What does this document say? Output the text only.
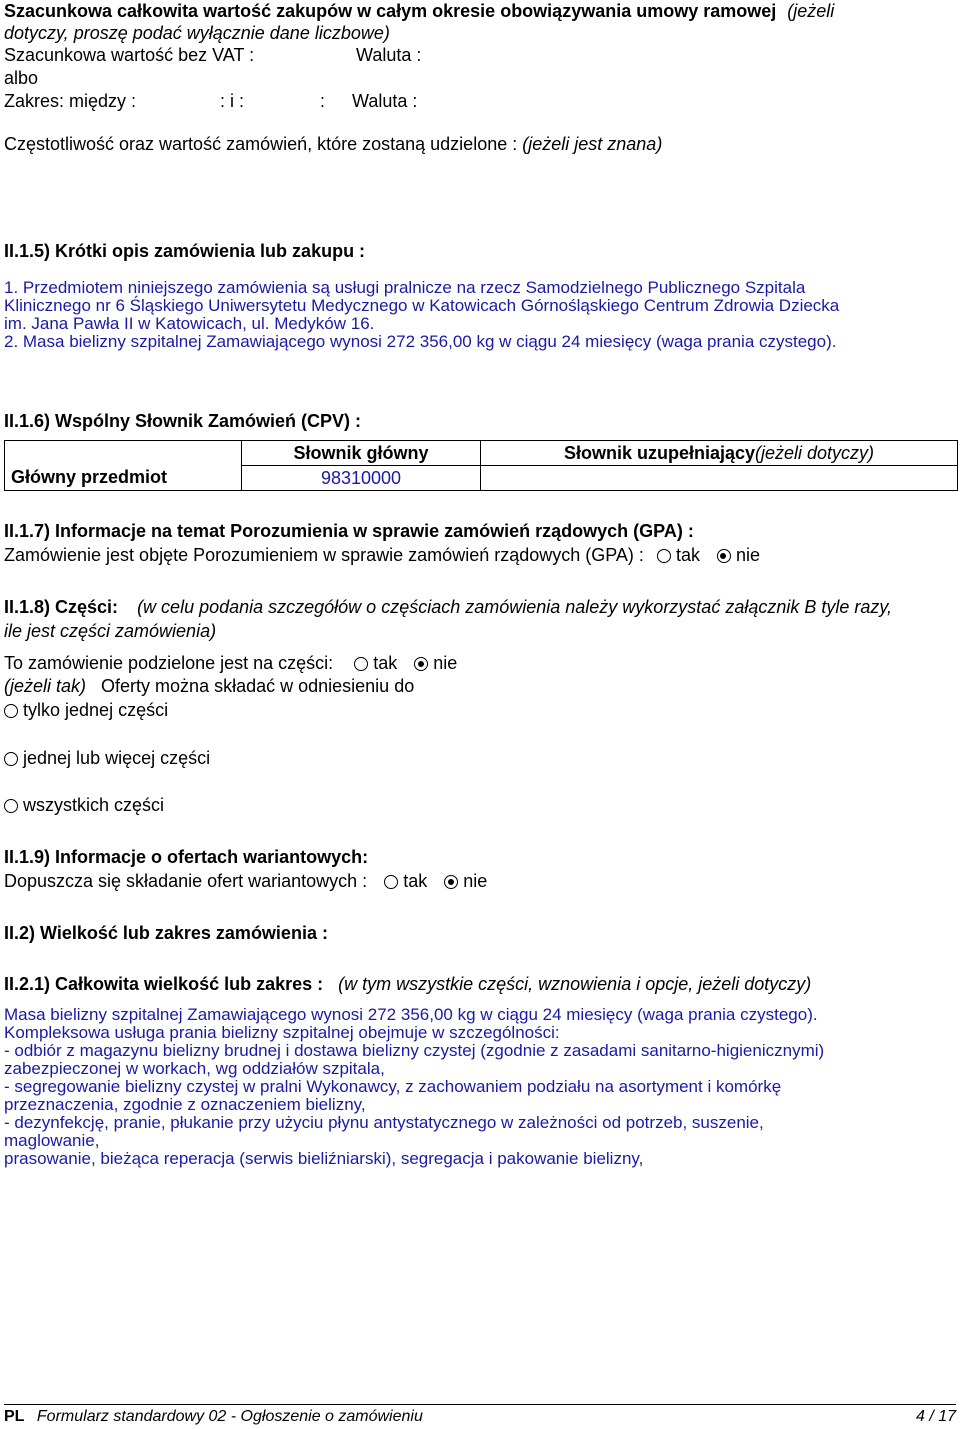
Szacunkowa całkowita wartość zakupów w całym okresie obowiązywania umowy ramowej (jeżeli
dotyczy, proszę podać wyłącznie dane liczbowe)
Szacunkowa wartość bez VAT :	Waluta :
albo
Zakres: między :	: i :	: Waluta :
Częstotliwość oraz wartość zamówień, które zostaną udzielone : (jeżeli jest znana)
II.1.5) Krótki opis zamówienia lub zakupu :
1. Przedmiotem niniejszego zamówienia są usługi pralnicze na rzecz Samodzielnego Publicznego Szpitala
Klinicznego nr 6 Śląskiego Uniwersytetu Medycznego w Katowicach Górnośląskiego Centrum Zdrowia Dziecka
im. Jana Pawła II w Katowicach, ul. Medyków 16.
2. Masa bielizny szpitalnej Zamawiającego wynosi 272 356,00 kg w ciągu 24 miesięcy (waga prania czystego).
II.1.6) Wspólny Słownik Zamówień (CPV) :
	Słownik główny	Słownik uzupełniający(jeżeli dotyczy)
Główny przedmiot	98310000	
II.1.7) Informacje na temat Porozumienia w sprawie zamówień rządowych (GPA) :
Zamówienie jest objęte Porozumieniem w sprawie zamówień rządowych (GPA) : tak nie
II.1.8) Części: (w celu podania szczegółów o częściach zamówienia należy wykorzystać załącznik B tyle razy,
ile jest części zamówienia)
To zamówienie podzielone jest na części: tak nie
(jeżeli tak) Oferty można składać w odniesieniu do
tylko jednej części
jednej lub więcej części
wszystkich części
II.1.9) Informacje o ofertach wariantowych:
Dopuszcza się składanie ofert wariantowych : tak nie
II.2) Wielkość lub zakres zamówienia :
II.2.1) Całkowita wielkość lub zakres : (w tym wszystkie części, wznowienia i opcje, jeżeli dotyczy)
Masa bielizny szpitalnej Zamawiającego wynosi 272 356,00 kg w ciągu 24 miesięcy (waga prania czystego).
Kompleksowa usługa prania bielizny szpitalnej obejmuje w szczególności:
- odbiór z magazynu bielizny brudnej i dostawa bielizny czystej (zgodnie z zasadami sanitarno-higienicznymi)
zabezpieczonej w workach, wg oddziałów szpitala,
- segregowanie bielizny czystej w pralni Wykonawcy, z zachowaniem podziału na asortyment i komórkę
przeznaczenia, zgodnie z oznaczeniem bielizny,
- dezynfekcję, pranie, płukanie przy użyciu płynu antystatycznego w zależności od potrzeb, suszenie,
maglowanie,
prasowanie, bieżąca reperacja (serwis bieliźniarski), segregacja i pakowanie bielizny,
PL Formularz standardowy 02 - Ogłoszenie o zamówieniu	4 / 17
